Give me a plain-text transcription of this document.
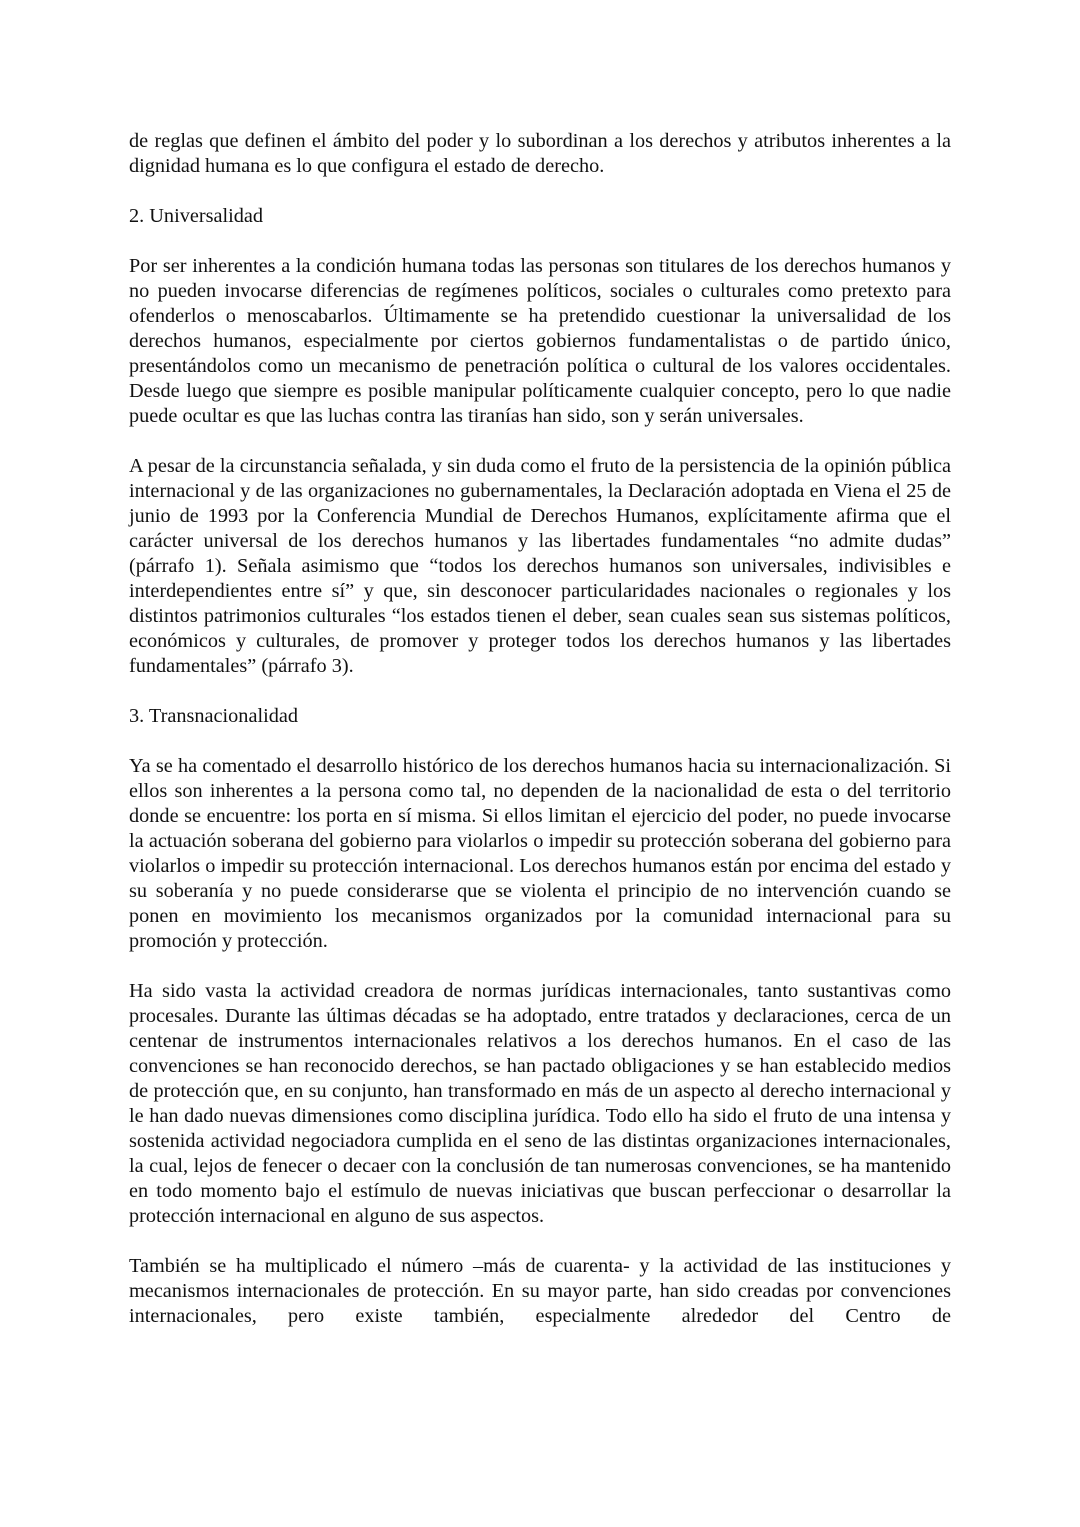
de reglas que definen el ámbito del poder y lo subordinan a los derechos y atributos inherentes a la dignidad humana es lo que configura el estado de derecho.

2. Universalidad

Por ser inherentes a la condición humana todas las personas son titulares de los derechos humanos y no pueden invocarse diferencias de regímenes políticos, sociales o culturales como pretexto para ofenderlos o menoscabarlos. Últimamente se ha pretendido cuestionar la universalidad de los derechos humanos, especialmente por ciertos gobiernos fundamentalistas o de partido único, presentándolos como un mecanismo de penetración política o cultural de los valores occidentales. Desde luego que siempre es posible manipular políticamente cualquier concepto, pero lo que nadie puede ocultar es que las luchas contra las tiranías han sido, son y serán universales.

A pesar de la circunstancia señalada, y sin duda como el fruto de la persistencia de la opinión pública internacional y de las organizaciones no gubernamentales, la Declaración adoptada en Viena el 25 de junio de 1993 por la Conferencia Mundial de Derechos Humanos, explícitamente afirma que el carácter universal de los derechos humanos y las libertades fundamentales “no admite dudas” (párrafo 1). Señala asimismo que “todos los derechos humanos son universales, indivisibles e interdependientes entre sí” y que, sin desconocer particularidades nacionales o regionales y los distintos patrimonios culturales “los estados tienen el deber, sean cuales sean sus sistemas políticos, económicos y culturales, de promover y proteger todos los derechos humanos y las libertades fundamentales” (párrafo 3).

3. Transnacionalidad

Ya se ha comentado el desarrollo histórico de los derechos humanos hacia su internacionalización. Si ellos son inherentes a la persona como tal, no dependen de la nacionalidad de esta o del territorio donde se encuentre: los porta en sí misma. Si ellos limitan el ejercicio del poder, no puede invocarse la actuación soberana del gobierno para violarlos o impedir su protección soberana del gobierno para violarlos o impedir su protección internacional. Los derechos humanos están por encima del estado y su soberanía y no puede considerarse que se violenta el principio de no intervención cuando se ponen en movimiento los mecanismos organizados por la comunidad internacional para su promoción y protección.

Ha sido vasta la actividad creadora de normas jurídicas internacionales, tanto sustantivas como procesales. Durante las últimas décadas se ha adoptado, entre tratados y declaraciones, cerca de un centenar de instrumentos internacionales relativos a los derechos humanos. En el caso de las convenciones se han reconocido derechos, se han pactado obligaciones y se han establecido medios de protección que, en su conjunto, han transformado en más de un aspecto al derecho internacional y le han dado nuevas dimensiones como disciplina jurídica. Todo ello ha sido el fruto de una intensa y sostenida actividad negociadora cumplida en el seno de las distintas organizaciones internacionales, la cual, lejos de fenecer o decaer con la conclusión de tan numerosas convenciones, se ha mantenido en todo momento bajo el estímulo de nuevas iniciativas que buscan perfeccionar o desarrollar la protección internacional en alguno de sus aspectos.

También se ha multiplicado el número –más de cuarenta- y la actividad de las instituciones y mecanismos internacionales de protección. En su mayor parte, han sido creadas por convenciones internacionales, pero existe también, especialmente alrededor del Centro de
